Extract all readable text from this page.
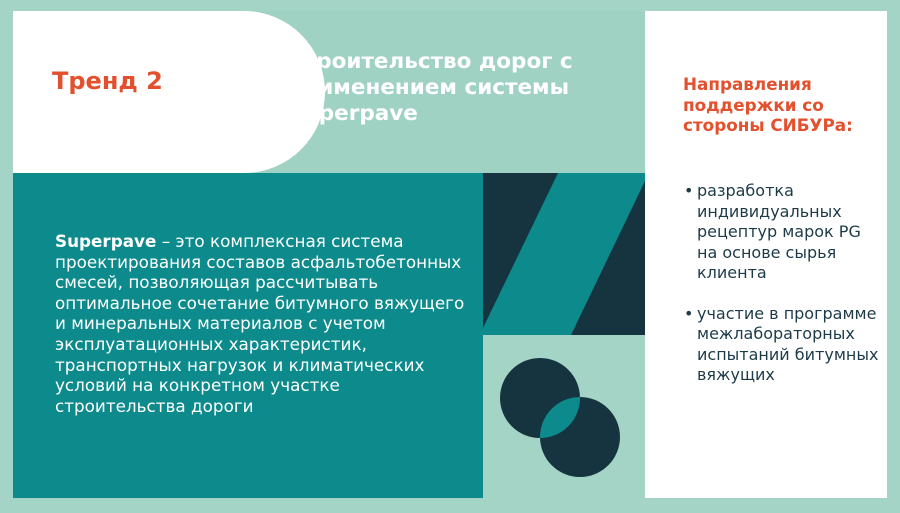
Тренд 2
Строительство дорог с применением системы Superpave
Superpave – это комплексная система проектирования составов асфальтобетонных смесей, позволяющая рассчитывать оптимальное сочетание битумного вяжущего и минеральных материалов с учетом эксплуатационных характеристик, транспортных нагрузок и климатических условий на конкретном участке строительства дороги
Направления поддержки со стороны СИБУРа:
• разработка индивидуальных рецептур марок PG на основе сырья клиента
• участие в программе межлабораторных испытаний битумных вяжущих
